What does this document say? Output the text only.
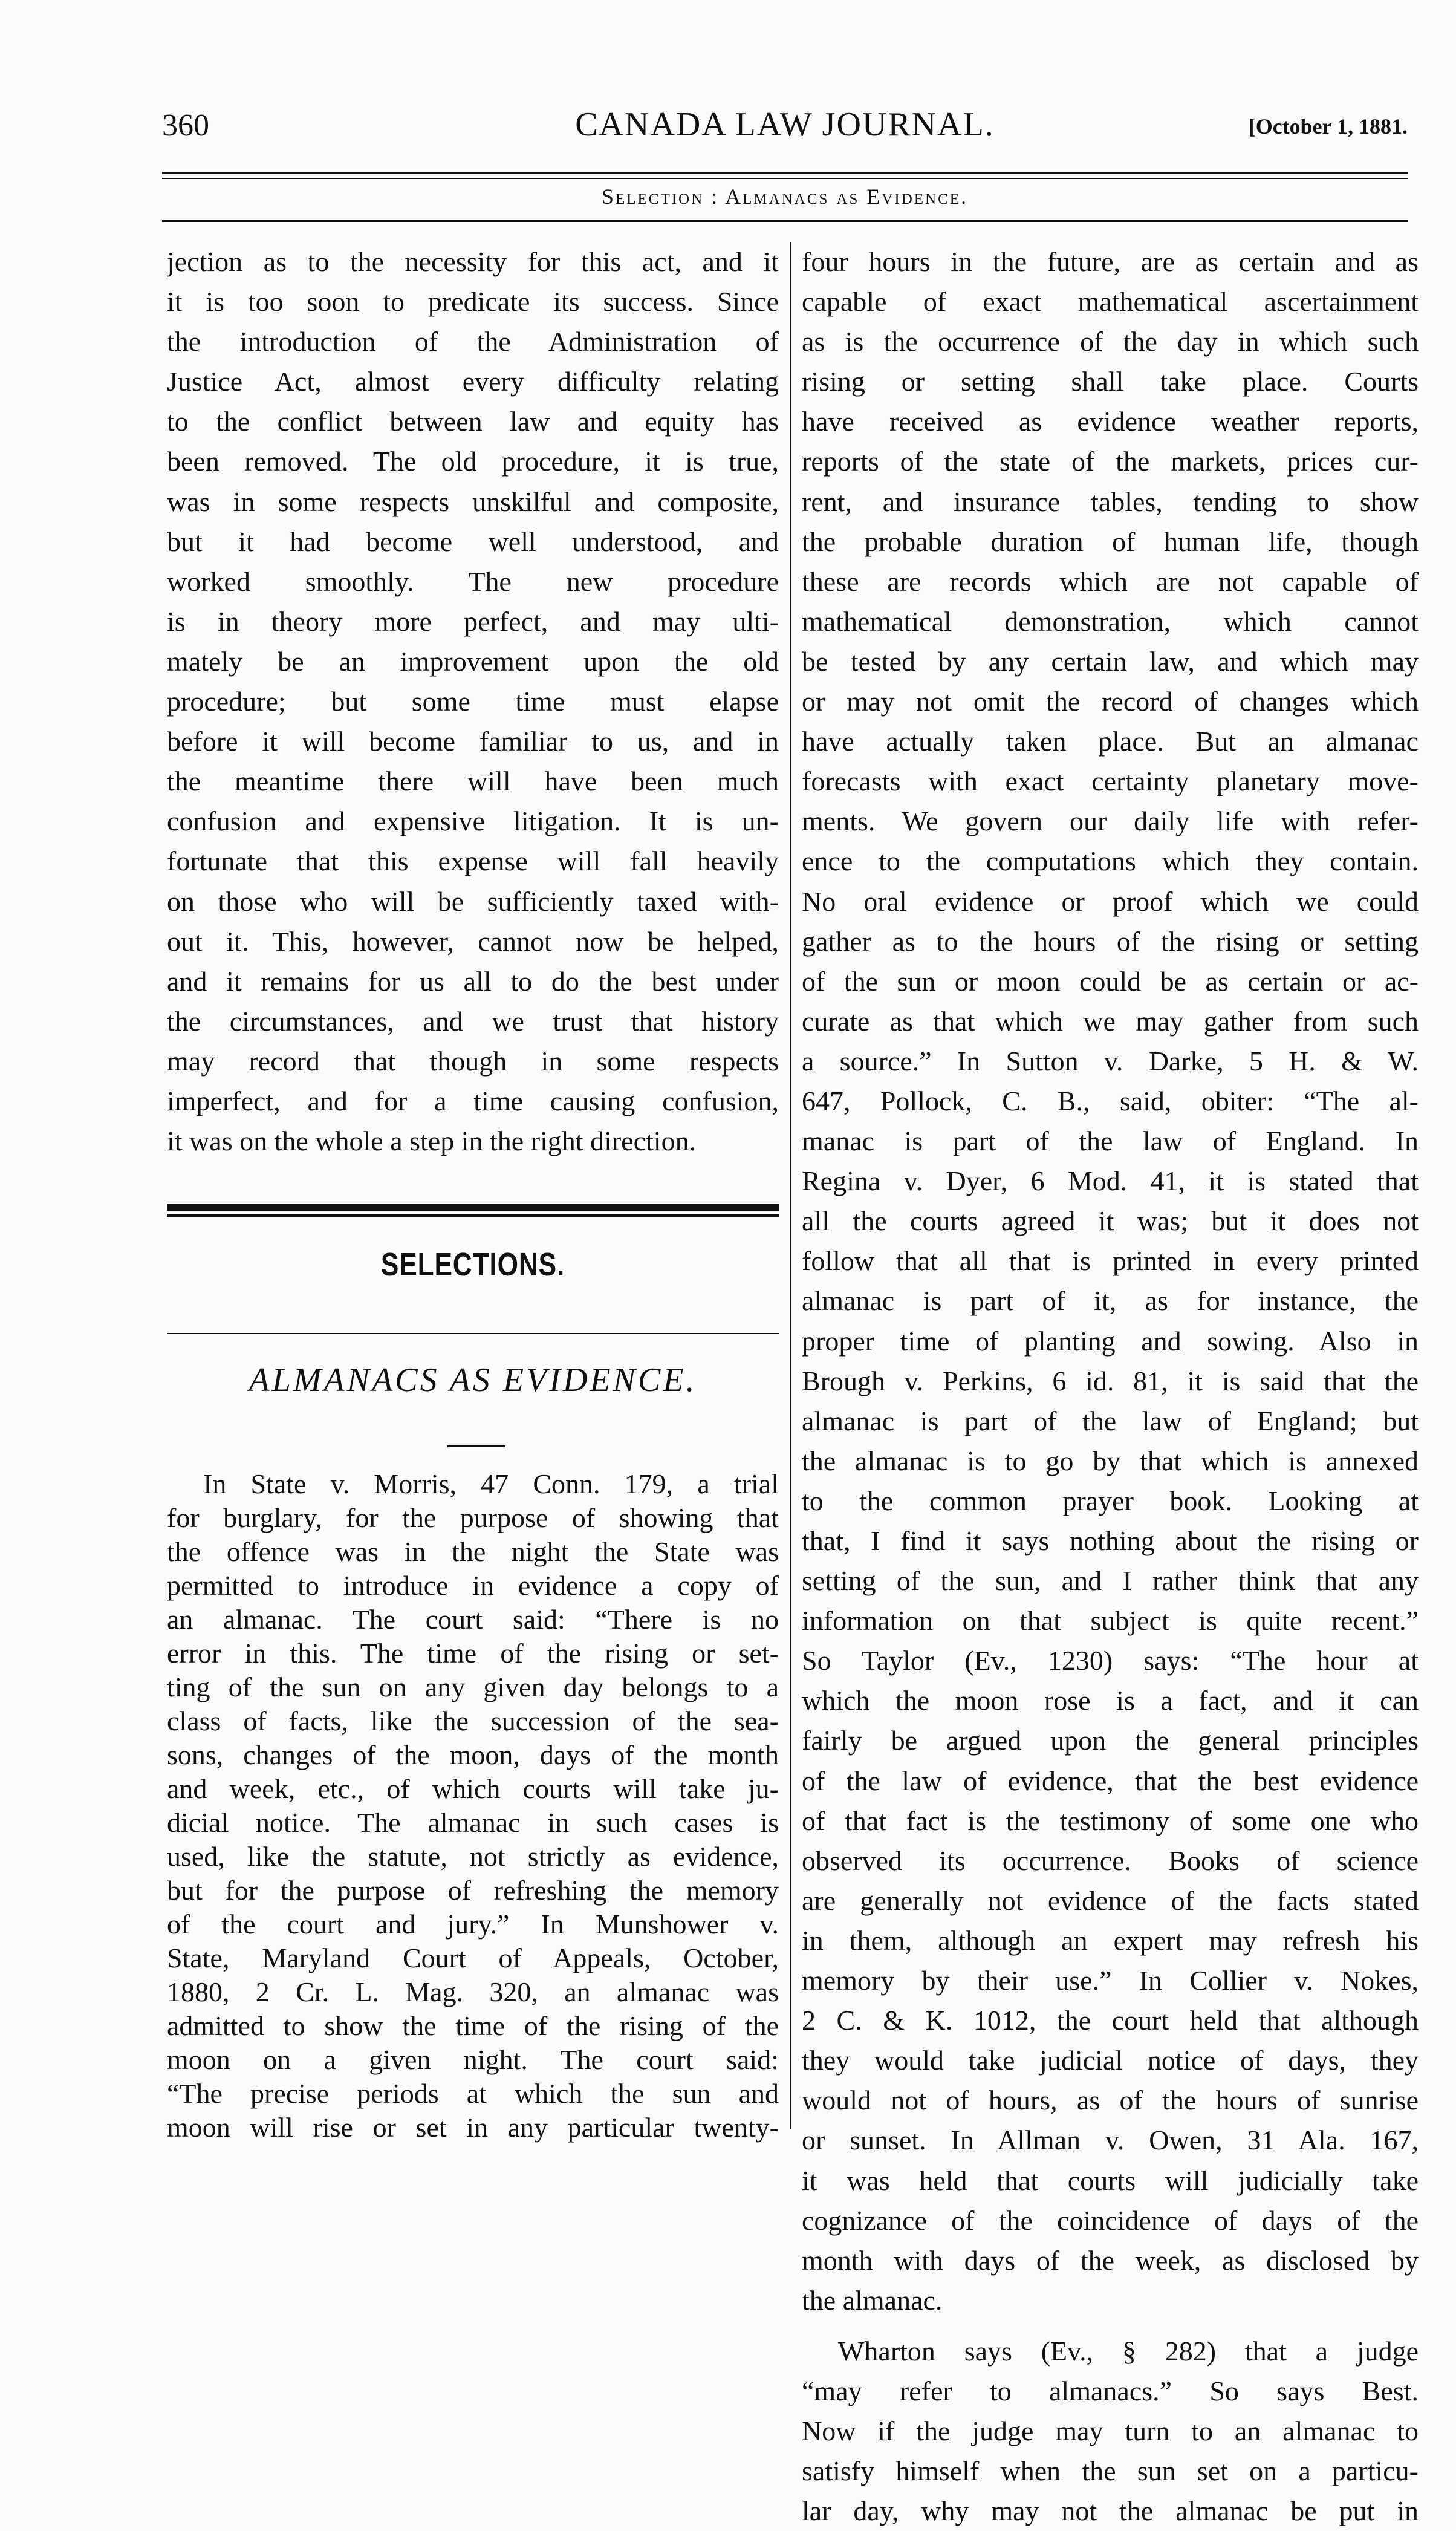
360	CANADA LAW JOURNAL.	[October 1, 1881.
Selection : Almanacs as Evidence.
jection as to the necessity for this act, and it
it is too soon to predicate its success. Since
the introduction of the Administration of
Justice Act, almost every difficulty relating
to the conflict between law and equity has
been removed. The old procedure, it is true,
was in some respects unskilful and composite,
but it had become well understood, and
worked smoothly. The new procedure
is in theory more perfect, and may ulti-
mately be an improvement upon the old
procedure; but some time must elapse
before it will become familiar to us, and in
the meantime there will have been much
confusion and expensive litigation. It is un-
fortunate that this expense will fall heavily
on those who will be sufficiently taxed with-
out it. This, however, cannot now be helped,
and it remains for us all to do the best under
the circumstances, and we trust that history
may record that though in some respects
imperfect, and for a time causing confusion,
it was on the whole a step in the right direction.
SELECTIONS.
ALMANACS AS EVIDENCE.
In State v. Morris, 47 Conn. 179, a trial
for burglary, for the purpose of showing that
the offence was in the night the State was
permitted to introduce in evidence a copy of
an almanac. The court said: “There is no
error in this. The time of the rising or set-
ting of the sun on any given day belongs to a
class of facts, like the succession of the sea-
sons, changes of the moon, days of the month
and week, etc., of which courts will take ju-
dicial notice. The almanac in such cases is
used, like the statute, not strictly as evidence,
but for the purpose of refreshing the memory
of the court and jury.” In Munshower v.
State, Maryland Court of Appeals, October,
1880, 2 Cr. L. Mag. 320, an almanac was
admitted to show the time of the rising of the
moon on a given night. The court said:
“The precise periods at which the sun and
moon will rise or set in any particular twenty-
four hours in the future, are as certain and as
capable of exact mathematical ascertainment
as is the occurrence of the day in which such
rising or setting shall take place. Courts
have received as evidence weather reports,
reports of the state of the markets, prices cur-
rent, and insurance tables, tending to show
the probable duration of human life, though
these are records which are not capable of
mathematical demonstration, which cannot
be tested by any certain law, and which may
or may not omit the record of changes which
have actually taken place. But an almanac
forecasts with exact certainty planetary move-
ments. We govern our daily life with refer-
ence to the computations which they contain.
No oral evidence or proof which we could
gather as to the hours of the rising or setting
of the sun or moon could be as certain or ac-
curate as that which we may gather from such
a source.” In Sutton v. Darke, 5 H. & W.
647, Pollock, C. B., said, obiter: “The al-
manac is part of the law of England. In
Regina v. Dyer, 6 Mod. 41, it is stated that
all the courts agreed it was; but it does not
follow that all that is printed in every printed
almanac is part of it, as for instance, the
proper time of planting and sowing. Also in
Brough v. Perkins, 6 id. 81, it is said that the
almanac is part of the law of England; but
the almanac is to go by that which is annexed
to the common prayer book. Looking at
that, I find it says nothing about the rising or
setting of the sun, and I rather think that any
information on that subject is quite recent.”
So Taylor (Ev., 1230) says: “The hour at
which the moon rose is a fact, and it can
fairly be argued upon the general principles
of the law of evidence, that the best evidence
of that fact is the testimony of some one who
observed its occurrence. Books of science
are generally not evidence of the facts stated
in them, although an expert may refresh his
memory by their use.” In Collier v. Nokes,
2 C. & K. 1012, the court held that although
they would take judicial notice of days, they
would not of hours, as of the hours of sunrise
or sunset. In Allman v. Owen, 31 Ala. 167,
it was held that courts will judicially take
cognizance of the coincidence of days of the
month with days of the week, as disclosed by
the almanac.
Wharton says (Ev., § 282) that a judge
“may refer to almanacs.” So says Best.
Now if the judge may turn to an almanac to
satisfy himself when the sun set on a particu-
lar day, why may not the almanac be put in
